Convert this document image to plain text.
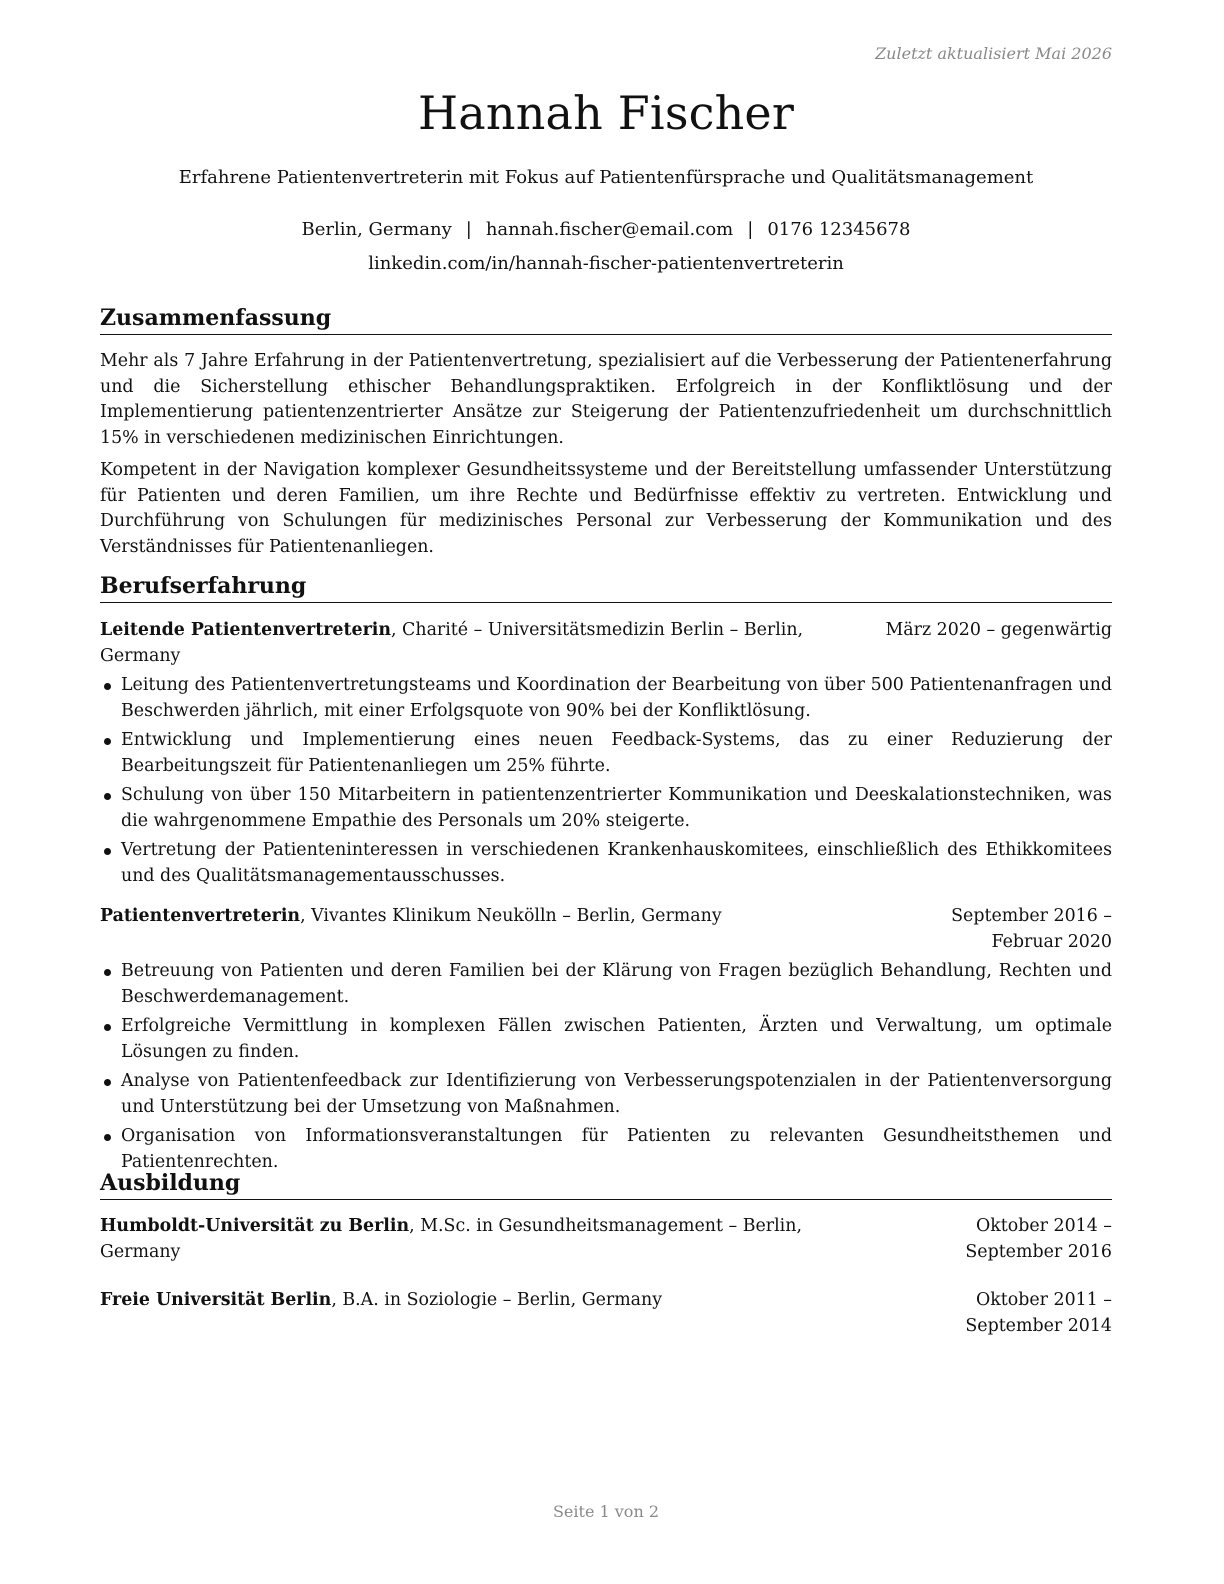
Zuletzt aktualisiert Mai 2026
Hannah Fischer
Erfahrene Patientenvertreterin mit Fokus auf Patientenfürsprache und Qualitätsmanagement
Berlin, Germany | hannah.fischer@email.com | 0176 12345678
linkedin.com/in/hannah-fischer-patientenvertreterin
Zusammenfassung

Mehr als 7 Jahre Erfahrung in der Patientenvertretung, spezialisiert auf die Verbesserung der Patientenerfahrung und die Sicherstellung ethischer Behandlungspraktiken. Erfolgreich in der Konfliktlösung und der Implementierung patientenzentrierter Ansätze zur Steigerung der Patientenzufriedenheit um durchschnittlich 15% in verschiedenen medizinischen Einrichtungen.

Kompetent in der Navigation komplexer Gesundheitssysteme und der Bereitstellung umfassender Unterstützung für Patienten und deren Familien, um ihre Rechte und Bedürfnisse effektiv zu vertreten. Entwicklung und Durchführung von Schulungen für medizinisches Personal zur Verbesserung der Kommunikation und des Verständnisses für Patientenanliegen.

Berufserfahrung
Leitende Patientenvertreterin, Charité – Universitätsmedizin Berlin – Berlin, Germany
März 2020 – gegenwärtig
Leitung des Patientenvertretungsteams und Koordination der Bearbeitung von über 500 Patientenanfragen und Beschwerden jährlich, mit einer Erfolgsquote von 90% bei der Konfliktlösung.
Entwicklung und Implementierung eines neuen Feedback-Systems, das zu einer Reduzierung der Bearbeitungszeit für Patientenanliegen um 25% führte.
Schulung von über 150 Mitarbeitern in patientenzentrierter Kommunikation und Deeskalationstechniken, was die wahrgenommene Empathie des Personals um 20% steigerte.
Vertretung der Patienteninteressen in verschiedenen Krankenhauskomitees, einschließlich des Ethikkomitees und des Qualitätsmanagementausschusses.
Patientenvertreterin, Vivantes Klinikum Neukölln – Berlin, Germany	September 2016 – Februar 2020
Betreuung von Patienten und deren Familien bei der Klärung von Fragen bezüglich Behandlung, Rechten und Beschwerdemanagement.
Erfolgreiche Vermittlung in komplexen Fällen zwischen Patienten, Ärzten und Verwaltung, um optimale Lösungen zu finden.
Analyse von Patientenfeedback zur Identifizierung von Verbesserungspotenzialen in der Patientenversorgung und Unterstützung bei der Umsetzung von Maßnahmen.
Organisation von Informationsveranstaltungen für Patienten zu relevanten Gesundheitsthemen und Patientenrechten.
Ausbildung
Humboldt-Universität zu Berlin, M.Sc. in Gesundheitsmanagement – Berlin, Germany
Oktober 2014 – September 2016
Freie Universität Berlin, B.A. in Soziologie – Berlin, Germany	Oktober 2011 – September 2014
Seite 1 von 2
